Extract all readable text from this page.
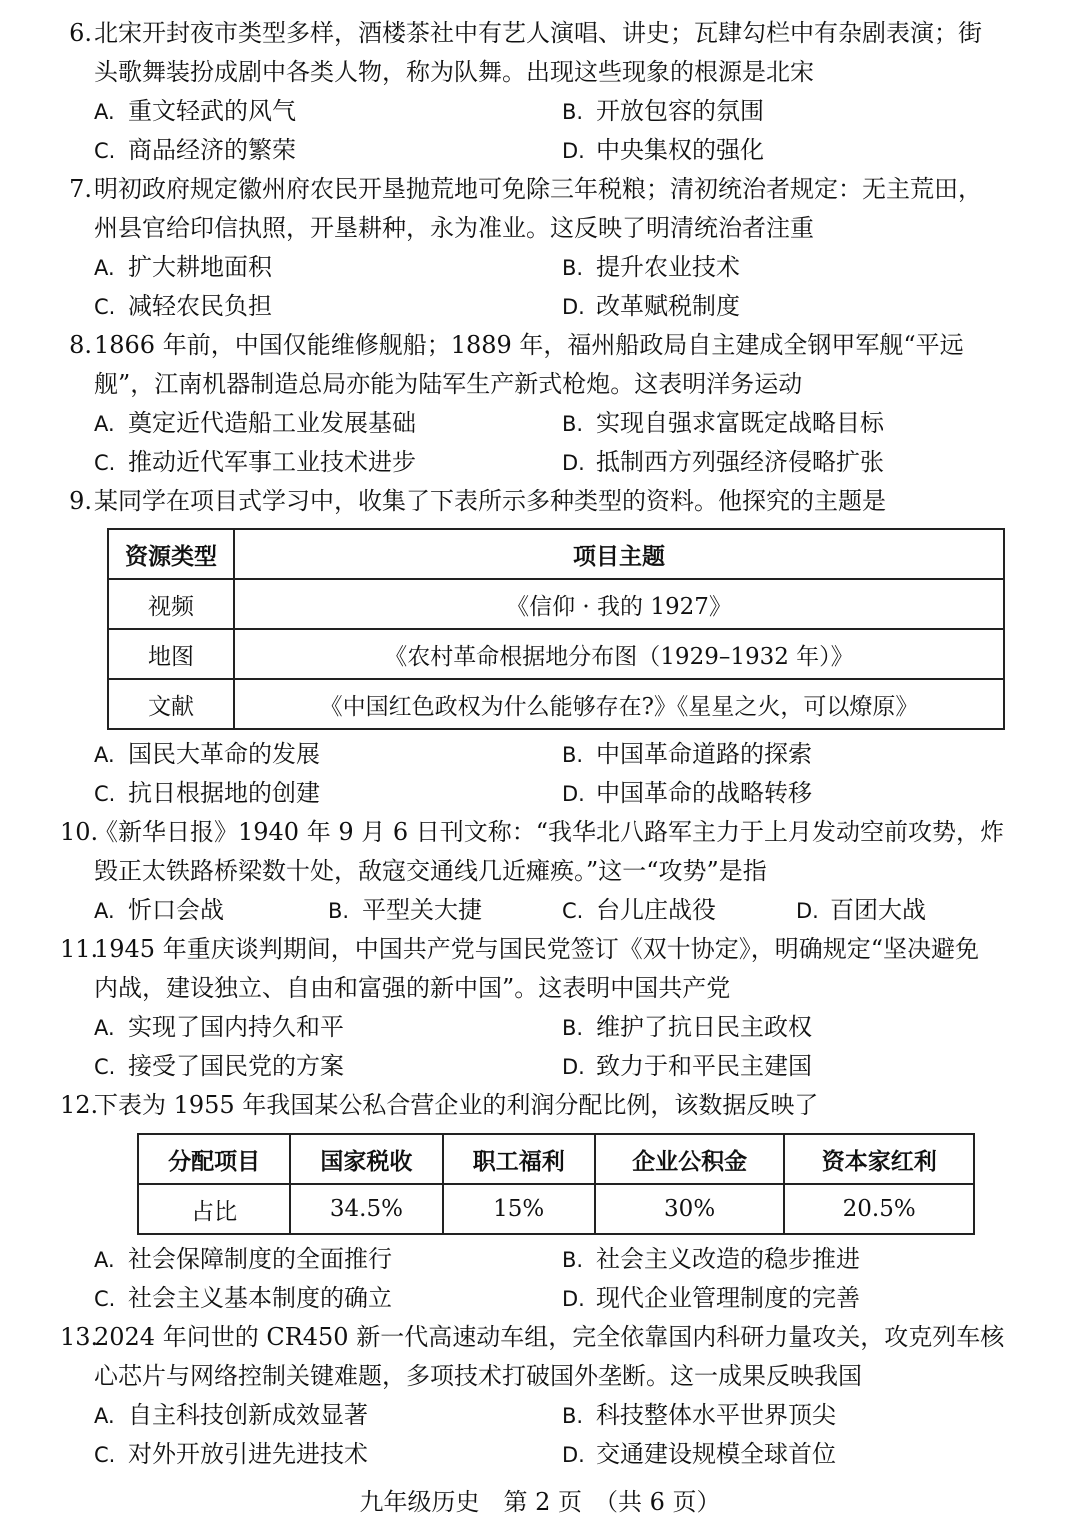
6.北宋开封夜市类型多样，酒楼茶社中有艺人演唱、讲史；瓦肆勾栏中有杂剧表演；街
头歌舞装扮成剧中各类人物，称为队舞。出现这些现象的根源是北宋
A. 重文轻武的风气	B. 开放包容的氛围
C. 商品经济的繁荣	D. 中央集权的强化
7.明初政府规定徽州府农民开垦抛荒地可免除三年税粮；清初统治者规定：无主荒田，
州县官给印信执照，开垦耕种，永为准业。这反映了明清统治者注重
A. 扩大耕地面积	B. 提升农业技术
C. 减轻农民负担	D. 改革赋税制度
8.1866 年前，中国仅能维修舰船；1889 年，福州船政局自主建成全钢甲军舰“平远
舰”，江南机器制造总局亦能为陆军生产新式枪炮。这表明洋务运动
A. 奠定近代造船工业发展基础	B. 实现自强求富既定战略目标
C. 推动近代军事工业技术进步	D. 抵制西方列强经济侵略扩张
9.某同学在项目式学习中，收集了下表所示多种类型的资料。他探究的主题是
资源类型	项目主题
视频	《信仰 · 我的 1927》
地图	《农村革命根据地分布图（1929–1932 年）》
文献	《中国红色政权为什么能够存在?》《星星之火，可以燎原》
A. 国民大革命的发展	B. 中国革命道路的探索
C. 抗日根据地的创建	D. 中国革命的战略转移
10.《新华日报》1940 年 9 月 6 日刊文称：“我华北八路军主力于上月发动空前攻势，炸
毁正太铁路桥梁数十处，敌寇交通线几近瘫痪。”这一“攻势”是指
A. 忻口会战	B. 平型关大捷	C. 台儿庄战役	D. 百团大战
11.1945 年重庆谈判期间，中国共产党与国民党签订《双十协定》，明确规定“坚决避免
内战，建设独立、自由和富强的新中国”。这表明中国共产党
A. 实现了国内持久和平	B. 维护了抗日民主政权
C. 接受了国民党的方案	D. 致力于和平民主建国
12.下表为 1955 年我国某公私合营企业的利润分配比例，该数据反映了
分配项目	国家税收	职工福利	企业公积金	资本家红利
占比	34.5%	15%	30%	20.5%
A. 社会保障制度的全面推行	B. 社会主义改造的稳步推进
C. 社会主义基本制度的确立	D. 现代企业管理制度的完善
13.2024 年问世的 CR450 新一代高速动车组，完全依靠国内科研力量攻关，攻克列车核
心芯片与网络控制关键难题，多项技术打破国外垄断。这一成果反映我国
A. 自主科技创新成效显著	B. 科技整体水平世界顶尖
C. 对外开放引进先进技术	D. 交通建设规模全球首位
九年级历史　第 2 页　（共 6 页）
